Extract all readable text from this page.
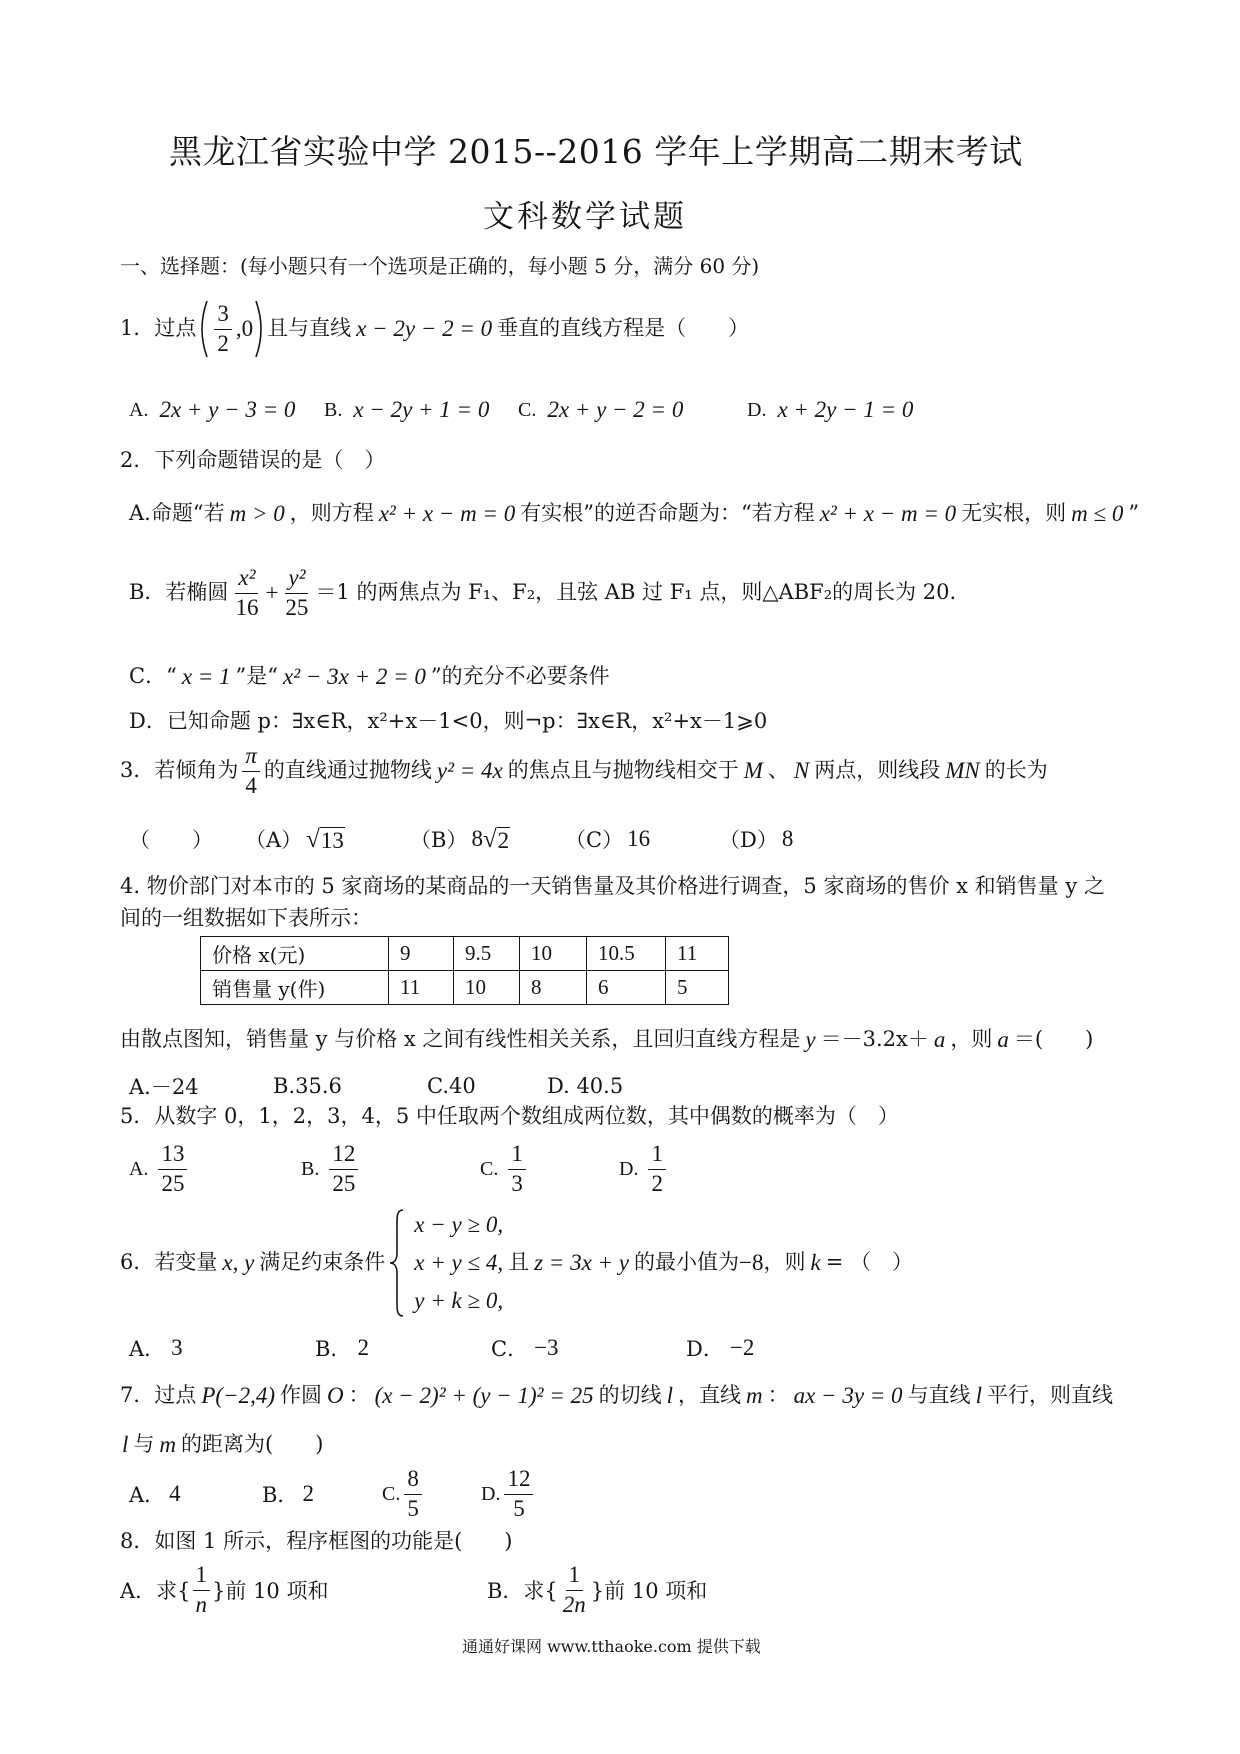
黑龙江省实验中学 2015--2016 学年上学期高二期末考试
文科数学试题
一、选择题：(每小题只有一个选项是正确的，每小题 5 分，满分 60 分)
1．过点 $\frac{3}{2} ,0$ 且与直线 x − 2y − 2 = 0 垂直的直线方程是（　　）
A. 2x + y − 3 = 0 B. x − 2y + 1 = 0 C. 2x + y − 2 = 0	D. x + 2y − 1 = 0
2．下列命题错误的是（　）
A.命题“若 m > 0 ，则方程 x² + x − m = 0 有实根”的逆否命题为：“若方程 x² + x − m = 0 无实根，则 m ≤ 0 ”
B．若椭圆 $\frac{\text{x²}}{16} + \frac{\text{y²}}{25} =1$ 的两焦点为 F₁、F₂，且弦 AB 过 F₁ 点，则△ABF₂的周长为 20.
C．“ x = 1 ”是“ x² − 3x + 2 = 0 ”的充分不必要条件
D．已知命题 p：∃x∈R，x²+x－1<0，则¬p：∃x∈R，x²+x－1⩾0
3．若倾角为 $\frac{\pi}{4}$ 的直线通过抛物线 y² = 4x 的焦点且与抛物线相交于 M 、 N 两点，则线段 MN 的长为
（　　） （A） √ 13	（B） 8 √ 2	（C） 16	（D） 8
4. 物价部门对本市的 5 家商场的某商品的一天销售量及其价格进行调查，5 家商场的售价 x 和销售量 y 之
间的一组数据如下表所示：
价格 x(元)	9	9.5	10	10.5	11
销售量 y(件)	11	10	8	6	5
由散点图知，销售量 y 与价格 x 之间有线性相关关系，且回归直线方程是 y ＝－3.2x＋ a ，则 a ＝(　　)
A.－24	B.35.6	C.40	D. 40.5
5．从数字 0，1，2，3，4，5 中任取两个数组成两位数，其中偶数的概率为（　）
A. $\frac{13}{25}$	B. $\frac{12}{25}$	C. $\frac{1}{3}$	D. $\frac{1}{2}$
6．若变量 x, y 满足约束条件
x − y ≥ 0,
x + y ≤ 4, 且 z = 3x + y 的最小值为 −8 ，则 k = （　）
y + k ≥ 0,
A． 3	B． 2	C． −3	D． −2
7．过点 P(−2,4) 作圆 O ： (x − 2)² + (y − 1)² = 25 的切线 l ，直线 m ： ax − 3y = 0 与直线 l 平行，则直线
l 与 m 的距离为(　　)
A． 4	B． 2	C. $\frac{8}{5}$	D. $\frac{12}{5}$
8．如图 1 所示，程序框图的功能是(　　)
A．求{ $\frac{1}{n}$ }前 10 项和	B．求{ $\frac{1}{2n}$ }前 10 项和
通通好课网 www.tthaoke.com 提供下载
